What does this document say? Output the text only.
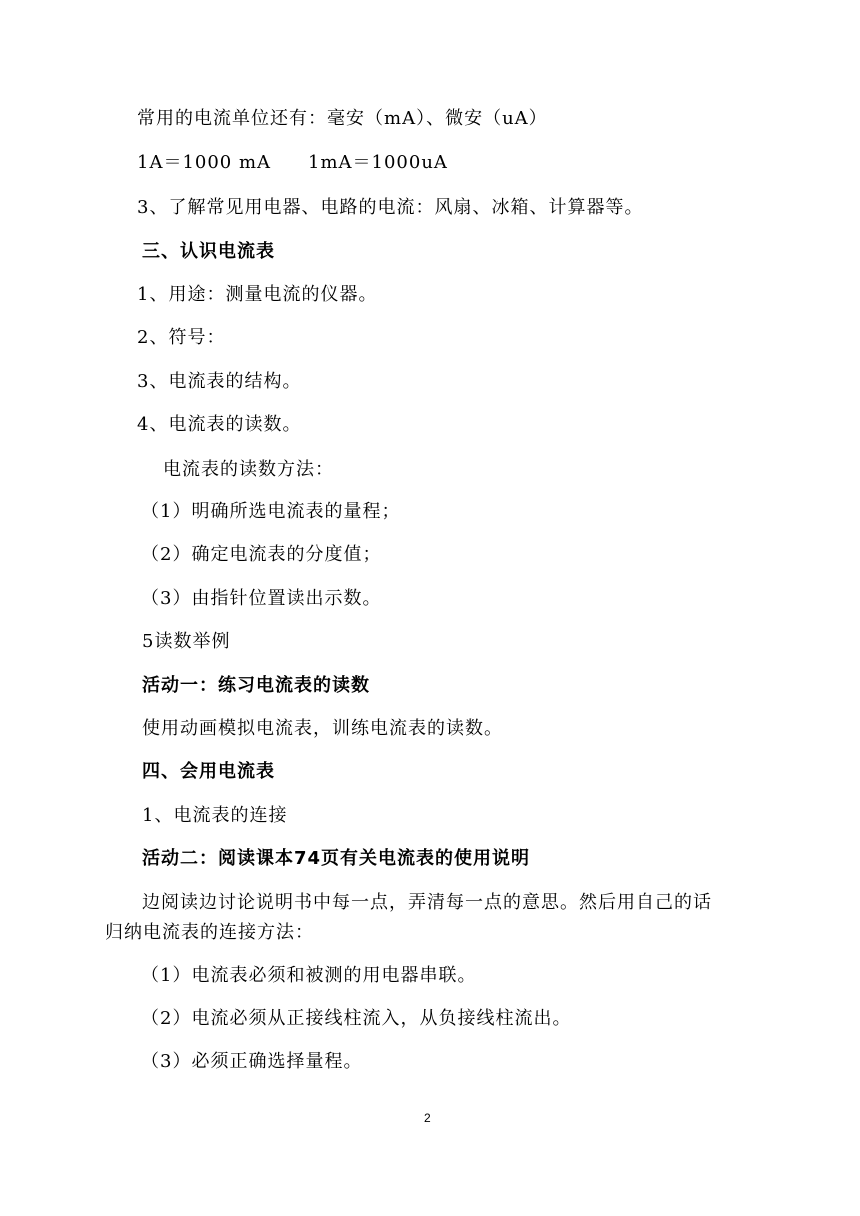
常用的电流单位还有：毫安（mA）、微安（uA）
1A＝1000 mA 1mA＝1000uA
3、了解常见用电器、电路的电流：风扇、冰箱、计算器等。
三、认识电流表
1、用途：测量电流的仪器。
2、符号：
3、电流表的结构。
4、电流表的读数。
电流表的读数方法：
（1）明确所选电流表的量程；
（2）确定电流表的分度值；
（3）由指针位置读出示数。
5读数举例
活动一：练习电流表的读数
使用动画模拟电流表，训练电流表的读数。
四、会用电流表
1、电流表的连接
活动二：阅读课本74页有关电流表的使用说明
边阅读边讨论说明书中每一点，弄清每一点的意思。然后用自己的话
归纳电流表的连接方法：
（1）电流表必须和被测的用电器串联。
（2）电流必须从正接线柱流入，从负接线柱流出。
（3）必须正确选择量程。
2
